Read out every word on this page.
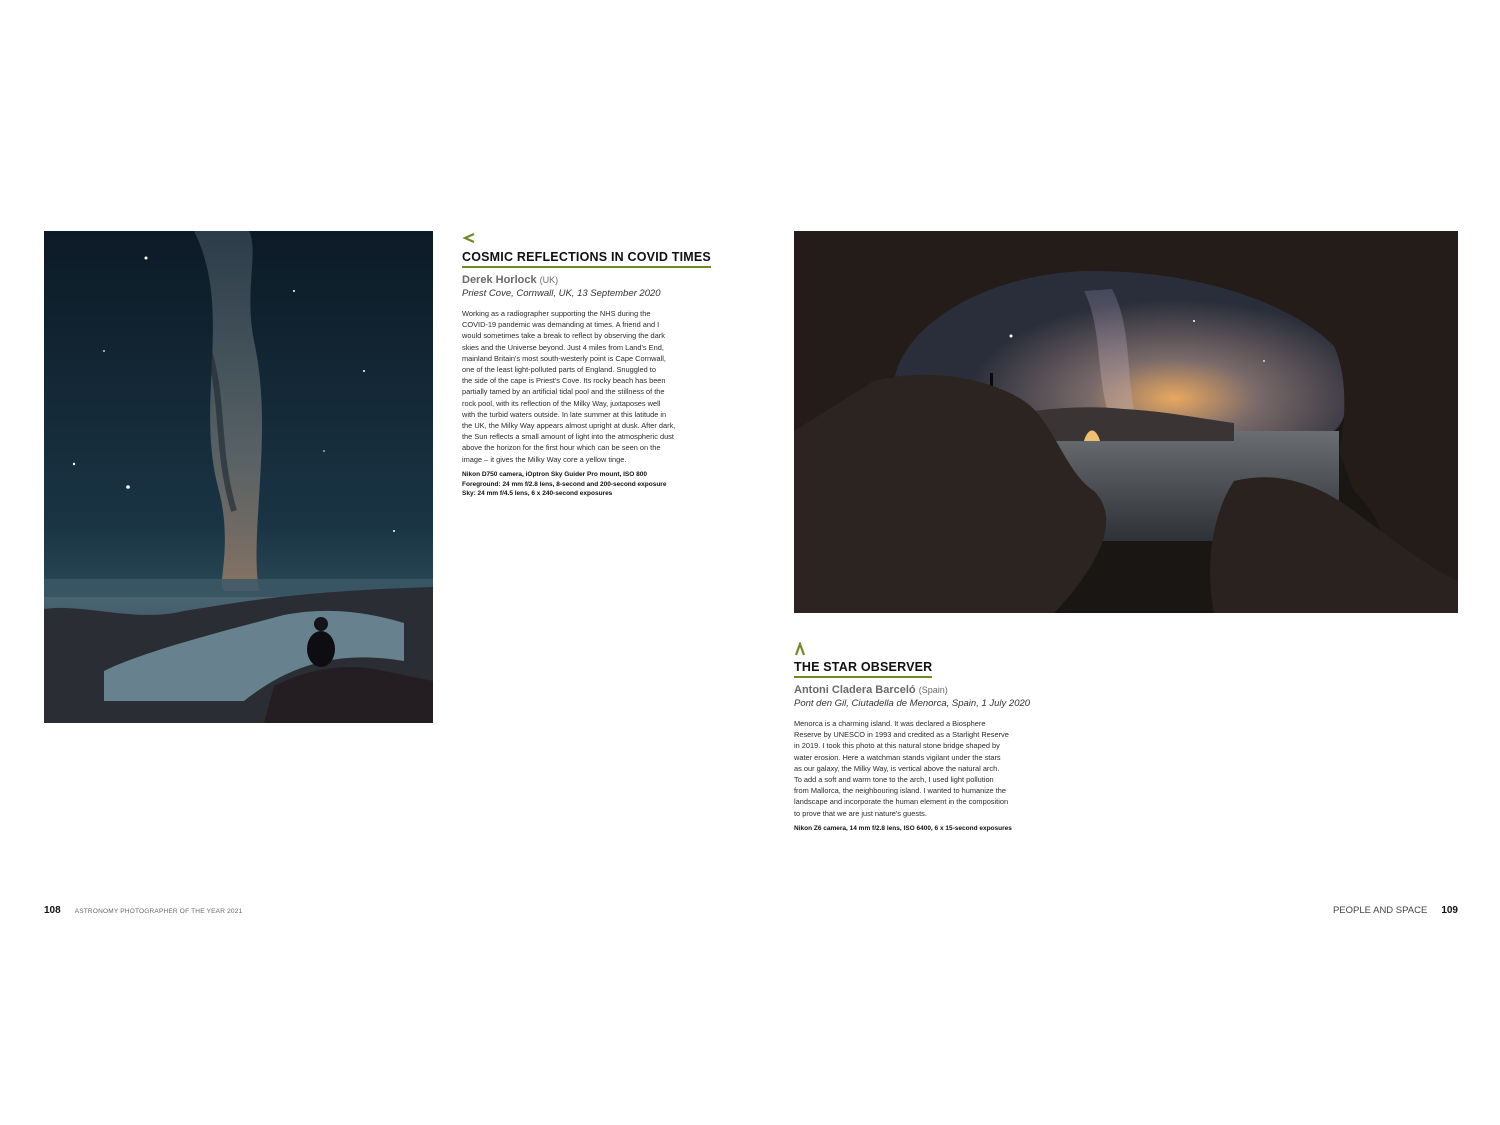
COSMIC REFLECTIONS IN COVID TIMES
Derek Horlock (UK)
Priest Cove, Cornwall, UK, 13 September 2020
Working as a radiographer supporting the NHS during the
COVID-19 pandemic was demanding at times. A friend and I
would sometimes take a break to reflect by observing the dark
skies and the Universe beyond. Just 4 miles from Land's End,
mainland Britain's most south-westerly point is Cape Cornwall,
one of the least light-polluted parts of England. Snuggled to
the side of the cape is Priest's Cove. Its rocky beach has been
partially tamed by an artificial tidal pool and the stillness of the
rock pool, with its reflection of the Milky Way, juxtaposes well
with the turbid waters outside. In late summer at this latitude in
the UK, the Milky Way appears almost upright at dusk. After dark,
the Sun reflects a small amount of light into the atmospheric dust
above the horizon for the first hour which can be seen on the
image – it gives the Milky Way core a yellow tinge.
Nikon D750 camera, iOptron Sky Guider Pro mount, ISO 800
Foreground: 24 mm f/2.8 lens, 8-second and 200-second exposure
Sky: 24 mm f/4.5 lens, 6 x 240-second exposures
THE STAR OBSERVER
Antoni Cladera Barceló (Spain)
Pont den Gil, Ciutadella de Menorca, Spain, 1 July 2020
Menorca is a charming island. It was declared a Biosphere
Reserve by UNESCO in 1993 and credited as a Starlight Reserve
in 2019. I took this photo at this natural stone bridge shaped by
water erosion. Here a watchman stands vigilant under the stars
as our galaxy, the Milky Way, is vertical above the natural arch.
To add a soft and warm tone to the arch, I used light pollution
from Mallorca, the neighbouring island. I wanted to humanize the
landscape and incorporate the human element in the composition
to prove that we are just nature's guests.
Nikon Z6 camera, 14 mm f/2.8 lens, ISO 6400, 6 x 15-second exposures
108 ASTRONOMY PHOTOGRAPHER OF THE YEAR 2021	PEOPLE AND SPACE 109
